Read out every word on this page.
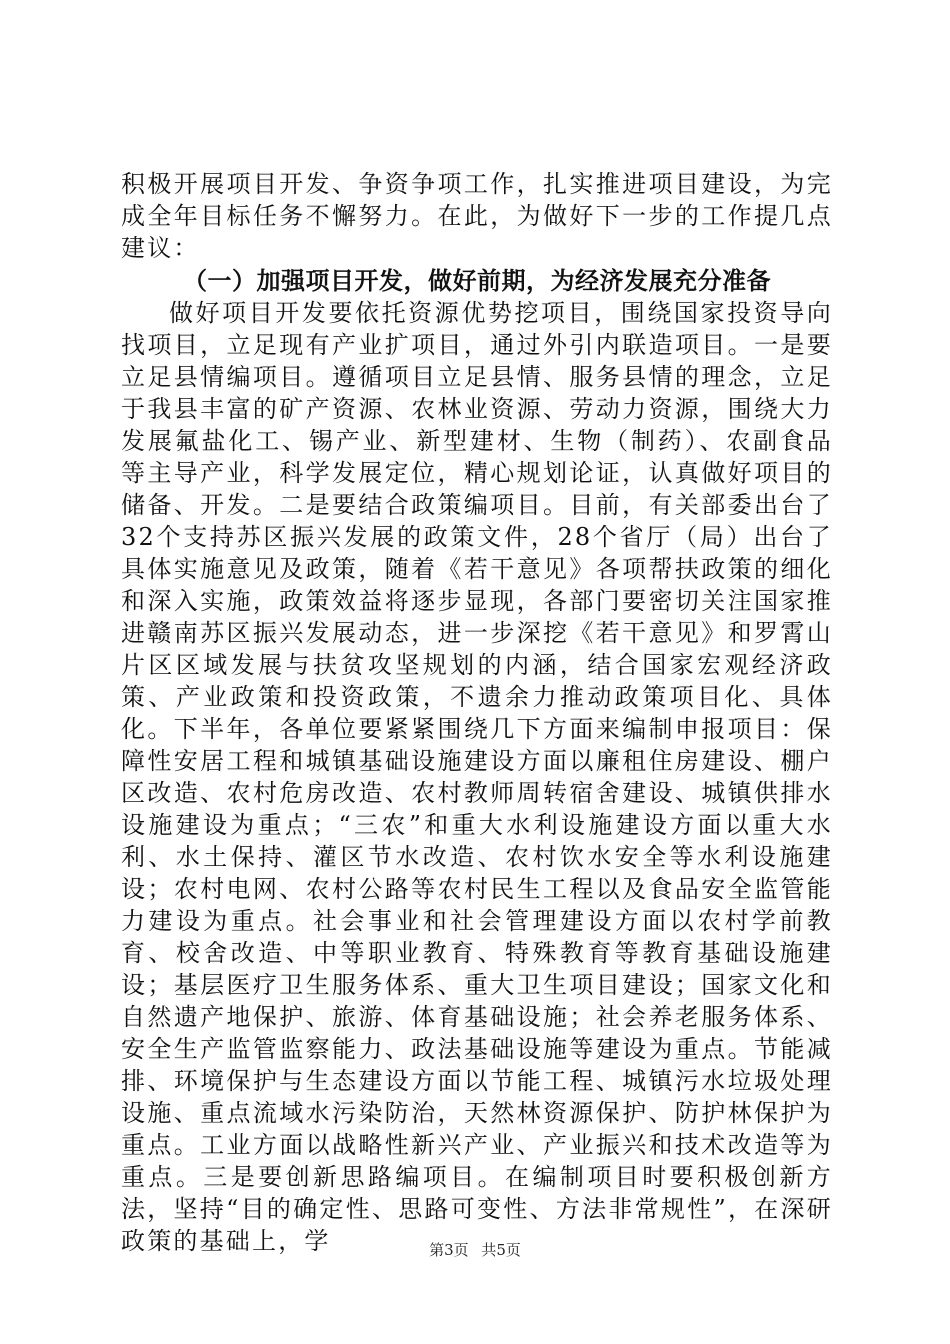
积极开展项目开发、争资争项工作，扎实推进项目建设，为完成全年目标任务不懈努力。在此，为做好下一步的工作提几点建议：

（一）加强项目开发，做好前期，为经济发展充分准备

做好项目开发要依托资源优势挖项目，围绕国家投资导向找项目，立足现有产业扩项目，通过外引内联造项目。一是要立足县情编项目。遵循项目立足县情、服务县情的理念，立足于我县丰富的矿产资源、农林业资源、劳动力资源，围绕大力发展氟盐化工、锡产业、新型建材、生物（制药）、农副食品等主导产业，科学发展定位，精心规划论证，认真做好项目的储备、开发。二是要结合政策编项目。目前，有关部委出台了32个支持苏区振兴发展的政策文件，28个省厅（局）出台了具体实施意见及政策，随着《若干意见》各项帮扶政策的细化和深入实施，政策效益将逐步显现，各部门要密切关注国家推进赣南苏区振兴发展动态，进一步深挖《若干意见》和罗霄山片区区域发展与扶贫攻坚规划的内涵，结合国家宏观经济政策、产业政策和投资政策，不遗余力推动政策项目化、具体化。下半年，各单位要紧紧围绕几下方面来编制申报项目：保障性安居工程和城镇基础设施建设方面以廉租住房建设、棚户区改造、农村危房改造、农村教师周转宿舍建设、城镇供排水设施建设为重点；“三农”和重大水利设施建设方面以重大水利、水土保持、灌区节水改造、农村饮水安全等水利设施建设；农村电网、农村公路等农村民生工程以及食品安全监管能力建设为重点。社会事业和社会管理建设方面以农村学前教育、校舍改造、中等职业教育、特殊教育等教育基础设施建设；基层医疗卫生服务体系、重大卫生项目建设；国家文化和自然遗产地保护、旅游、体育基础设施；社会养老服务体系、安全生产监管监察能力、政法基础设施等建设为重点。节能减排、环境保护与生态建设方面以节能工程、城镇污水垃圾处理设施、重点流域水污染防治，天然林资源保护、防护林保护为重点。工业方面以战略性新兴产业、产业振兴和技术改造等为重点。三是要创新思路编项目。在编制项目时要积极创新方法，坚持“目的确定性、思路可变性、方法非常规性”，在深研政策的基础上，学	第3页 共5页
